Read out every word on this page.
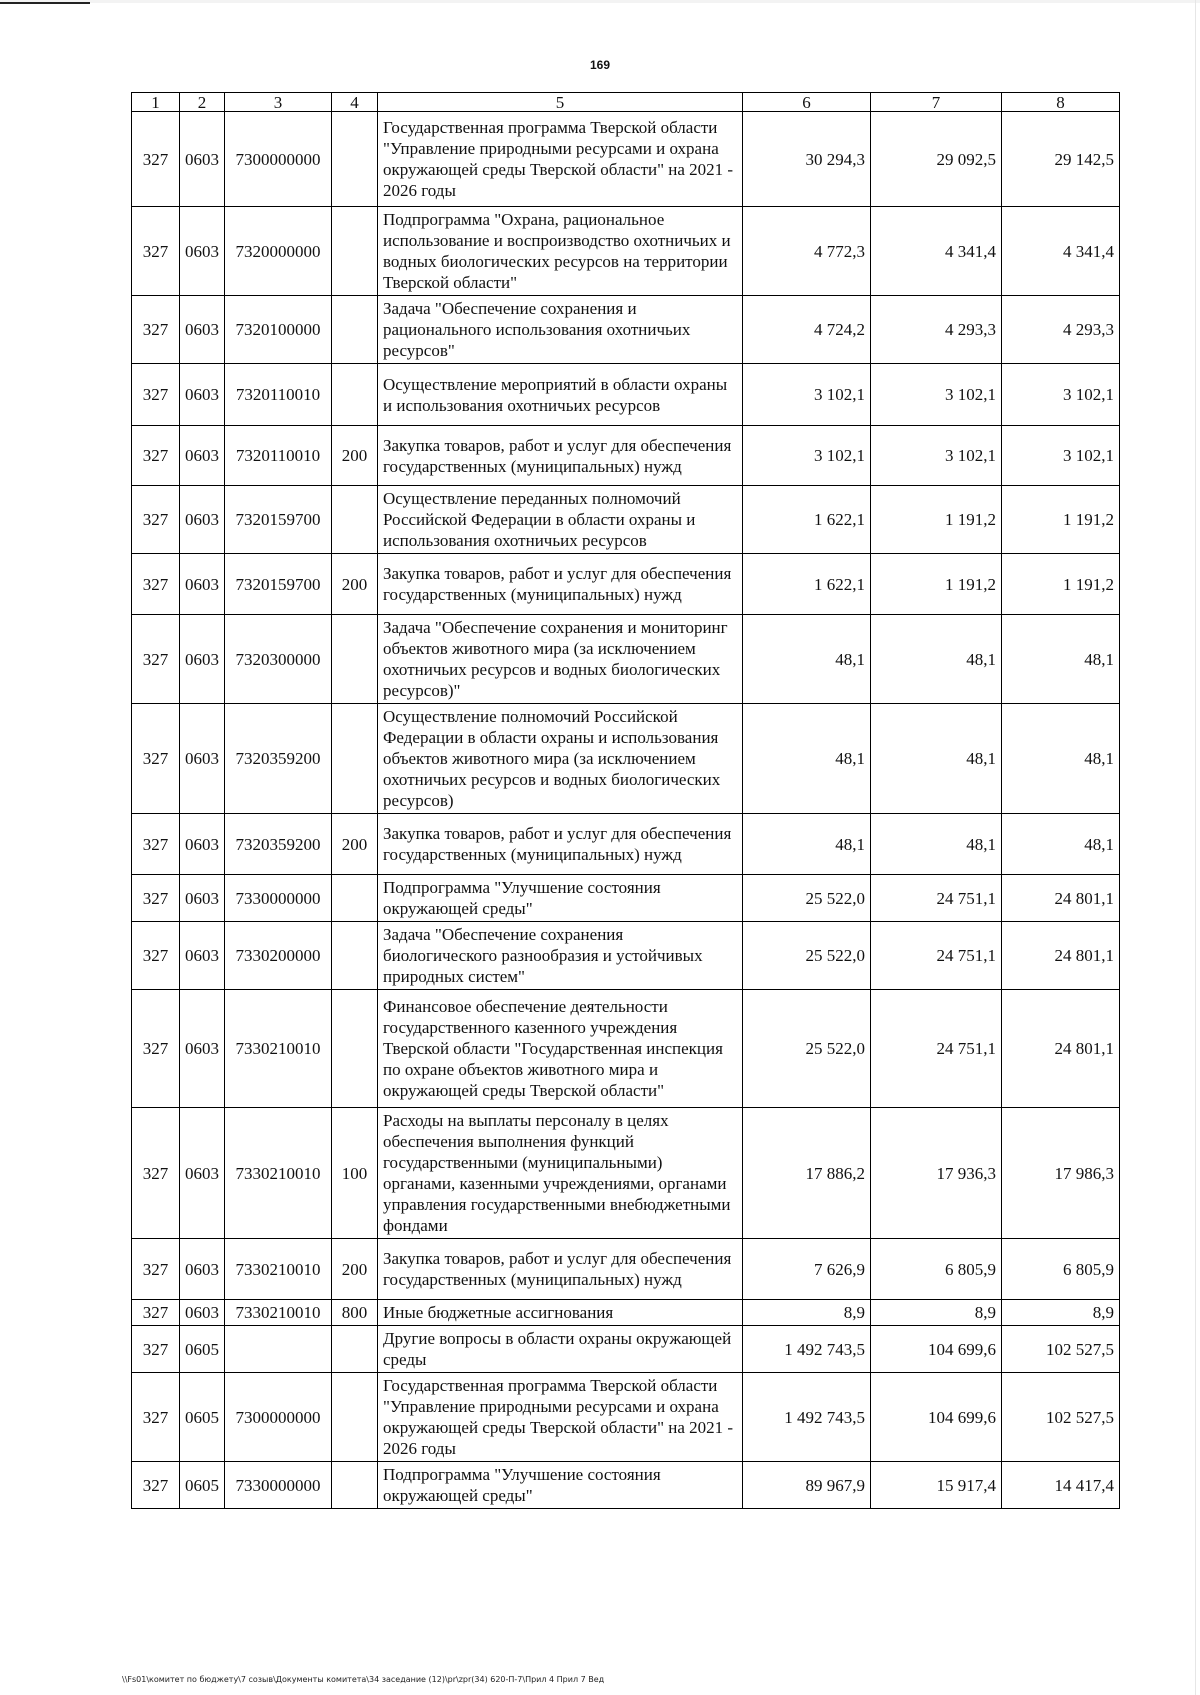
169
1	2	3	4	5	6	7	8
327	0603	7300000000		Государственная программа Тверской области "Управление природными ресурсами и охрана окружающей среды Тверской области" на 2021 - 2026 годы	30 294,3	29 092,5	29 142,5
327	0603	7320000000		Подпрограмма "Охрана, рациональное использование и воспроизводство охотничьих и водных биологических ресурсов на территории Тверской области"	4 772,3	4 341,4	4 341,4
327	0603	7320100000		Задача "Обеспечение сохранения и рационального использования охотничьих ресурсов"	4 724,2	4 293,3	4 293,3
327	0603	7320110010		Осуществление мероприятий в области охраны и использования охотничьих ресурсов	3 102,1	3 102,1	3 102,1
327	0603	7320110010	200	Закупка товаров, работ и услуг для обеспечения государственных (муниципальных) нужд	3 102,1	3 102,1	3 102,1
327	0603	7320159700		Осуществление переданных полномочий Российской Федерации в области охраны и использования охотничьих ресурсов	1 622,1	1 191,2	1 191,2
327	0603	7320159700	200	Закупка товаров, работ и услуг для обеспечения государственных (муниципальных) нужд	1 622,1	1 191,2	1 191,2
327	0603	7320300000		Задача "Обеспечение сохранения и мониторинг объектов животного мира (за исключением охотничьих ресурсов и водных биологических ресурсов)"	48,1	48,1	48,1
327	0603	7320359200		Осуществление полномочий Российской Федерации в области охраны и использования объектов животного мира (за исключением охотничьих ресурсов и водных биологических ресурсов)	48,1	48,1	48,1
327	0603	7320359200	200	Закупка товаров, работ и услуг для обеспечения государственных (муниципальных) нужд	48,1	48,1	48,1
327	0603	7330000000		Подпрограмма "Улучшение состояния окружающей среды"	25 522,0	24 751,1	24 801,1
327	0603	7330200000		Задача "Обеспечение сохранения биологического разнообразия и устойчивых природных систем"	25 522,0	24 751,1	24 801,1
327	0603	7330210010		Финансовое обеспечение деятельности государственного казенного учреждения Тверской области "Государственная инспекция по охране объектов животного мира и окружающей среды Тверской области"	25 522,0	24 751,1	24 801,1
327	0603	7330210010	100	Расходы на выплаты персоналу в целях обеспечения выполнения функций государственными (муниципальными) органами, казенными учреждениями, органами управления государственными внебюджетными фондами	17 886,2	17 936,3	17 986,3
327	0603	7330210010	200	Закупка товаров, работ и услуг для обеспечения государственных (муниципальных) нужд	7 626,9	6 805,9	6 805,9
327	0603	7330210010	800	Иные бюджетные ассигнования	8,9	8,9	8,9
327	0605			Другие вопросы в области охраны окружающей среды	1 492 743,5	104 699,6	102 527,5
327	0605	7300000000		Государственная программа Тверской области "Управление природными ресурсами и охрана окружающей среды Тверской области" на 2021 - 2026 годы	1 492 743,5	104 699,6	102 527,5
327	0605	7330000000		Подпрограмма "Улучшение состояния окружающей среды"	89 967,9	15 917,4	14 417,4
\\Fs01\комитет по бюджету\7 созыв\Документы комитета\34 заседание (12)\pr\zpr(34) 620-П-7\Прил 4 Прил 7 Вед
